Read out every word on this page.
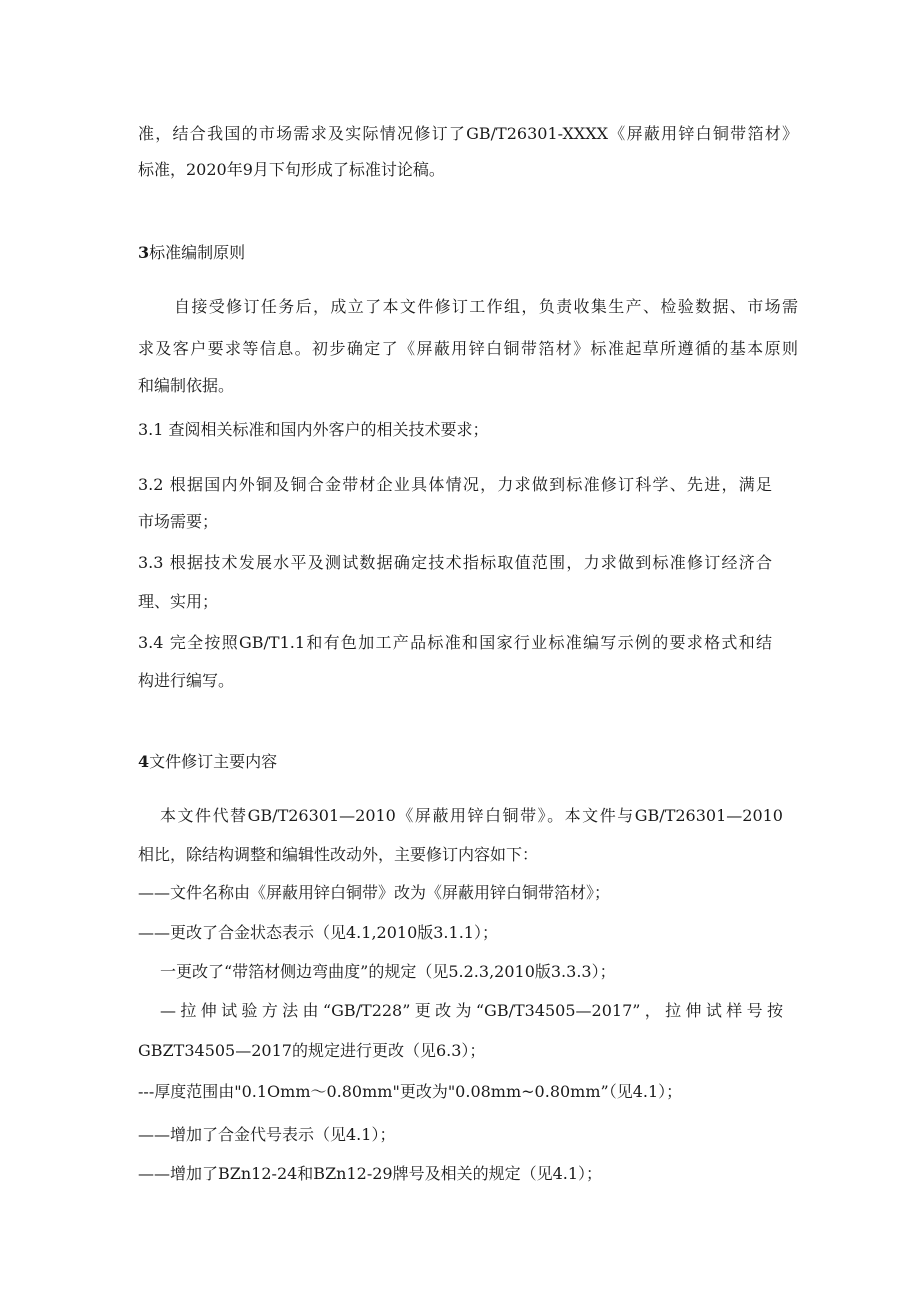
准，结合我国的市场需求及实际情况修订了GB/T26301-XXXX《屏蔽用锌白铜带箔材》
标准，2020年9月下旬形成了标准讨论稿。
3标准编制原则
自接受修订任务后，成立了本文件修订工作组，负责收集生产、检验数据、市场需
求及客户要求等信息。初步确定了《屏蔽用锌白铜带箔材》标准起草所遵循的基本原则
和编制依据。
3.1 查阅相关标准和国内外客户的相关技术要求；
3.2 根据国内外铜及铜合金带材企业具体情况，力求做到标准修订科学、先进，满足
市场需要；
3.3 根据技术发展水平及测试数据确定技术指标取值范围，力求做到标准修订经济合
理、实用；
3.4 完全按照GB/T1.1和有色加工产品标准和国家行业标准编写示例的要求格式和结
构进行编写。
4文件修订主要内容
本文件代替GB/T26301—2010《屏蔽用锌白铜带》。本文件与GB/T26301—2010
相比，除结构调整和编辑性改动外，主要修订内容如下：
——文件名称由《屏蔽用锌白铜带》改为《屏蔽用锌白铜带箔材》；
——更改了合金状态表示（见4.1,2010版3.1.1）；
一更改了“带箔材侧边弯曲度”的规定（见5.2.3,2010版3.3.3）；
—拉伸试验方法由“GB/T228”更改为“GB/T34505—2017”，拉伸试样号按
GBZT34505—2017的规定进行更改（见6.3）；
---厚度范围由"0.1Omm～0.80mm"更改为"0.08mm~0.80mm”（见4.1）；
——增加了合金代号表示（见4.1）；
——增加了BZn12-24和BZn12-29牌号及相关的规定（见4.1）；
